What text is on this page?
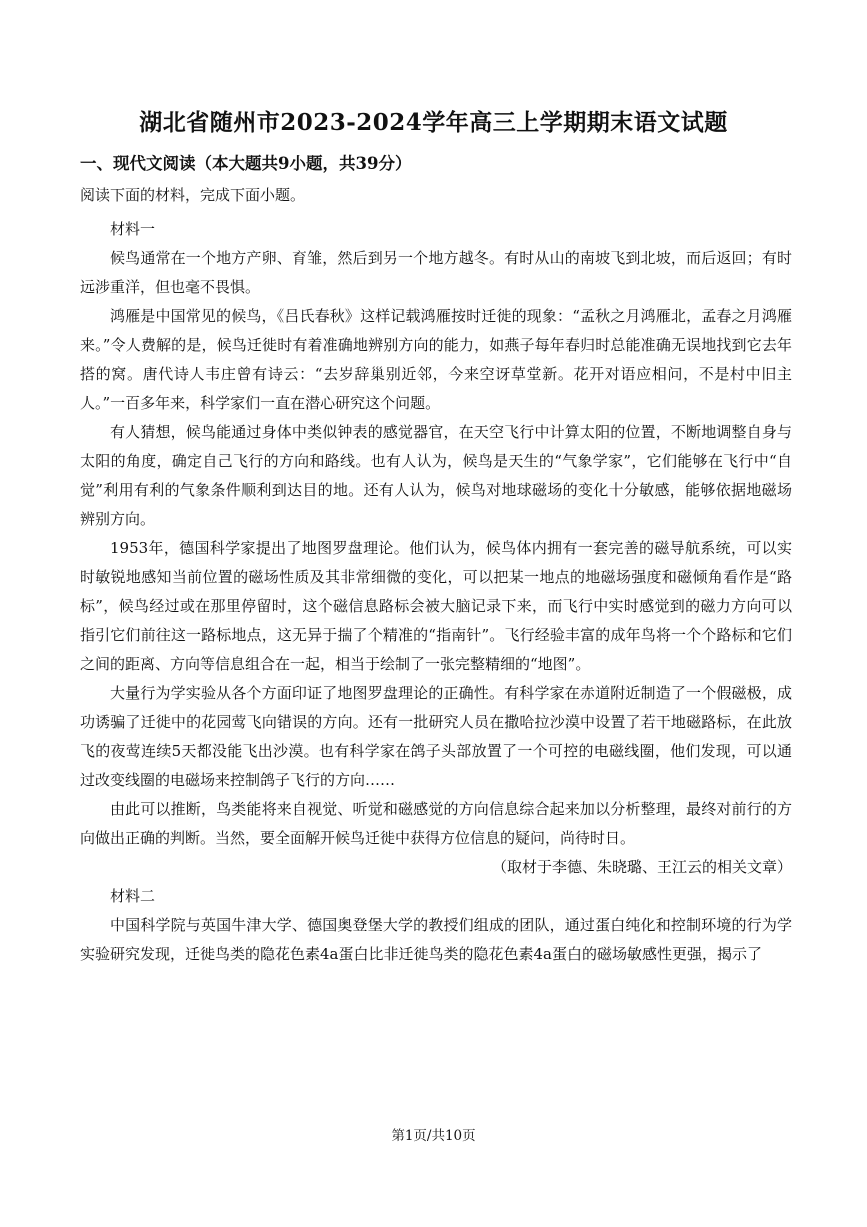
湖北省随州市2023-2024学年高三上学期期末语文试题
一、现代文阅读（本大题共9小题，共39分）
阅读下面的材料，完成下面小题。

材料一

候鸟通常在一个地方产卵、育雏，然后到另一个地方越冬。有时从山的南坡飞到北坡，而后返回；有时远涉重洋，但也毫不畏惧。

鸿雁是中国常见的候鸟，《吕氏春秋》这样记载鸿雁按时迁徙的现象：“孟秋之月鸿雁北，孟春之月鸿雁来。”令人费解的是，候鸟迁徙时有着准确地辨别方向的能力，如燕子每年春归时总能准确无误地找到它去年搭的窝。唐代诗人韦庄曾有诗云：“去岁辞巢别近邻，今来空讶草堂新。花开对语应相问，不是村中旧主人。”一百多年来，科学家们一直在潜心研究这个问题。

有人猜想，候鸟能通过身体中类似钟表的感觉器官，在天空飞行中计算太阳的位置，不断地调整自身与太阳的角度，确定自己飞行的方向和路线。也有人认为，候鸟是天生的“气象学家”，它们能够在飞行中“自觉”利用有利的气象条件顺利到达目的地。还有人认为，候鸟对地球磁场的变化十分敏感，能够依据地磁场辨别方向。

1953年，德国科学家提出了地图罗盘理论。他们认为，候鸟体内拥有一套完善的磁导航系统，可以实时敏锐地感知当前位置的磁场性质及其非常细微的变化，可以把某一地点的地磁场强度和磁倾角看作是“路标”，候鸟经过或在那里停留时，这个磁信息路标会被大脑记录下来，而飞行中实时感觉到的磁力方向可以指引它们前往这一路标地点，这无异于揣了个精准的“指南针”。飞行经验丰富的成年鸟将一个个路标和它们之间的距离、方向等信息组合在一起，相当于绘制了一张完整精细的“地图”。

大量行为学实验从各个方面印证了地图罗盘理论的正确性。有科学家在赤道附近制造了一个假磁极，成功诱骗了迁徙中的花园莺飞向错误的方向。还有一批研究人员在撒哈拉沙漠中设置了若干地磁路标，在此放飞的夜莺连续5天都没能飞出沙漠。也有科学家在鸽子头部放置了一个可控的电磁线圈，他们发现，可以通过改变线圈的电磁场来控制鸽子飞行的方向……

由此可以推断，鸟类能将来自视觉、听觉和磁感觉的方向信息综合起来加以分析整理，最终对前行的方向做出正确的判断。当然，要全面解开候鸟迁徙中获得方位信息的疑问，尚待时日。

（取材于李德、朱晓璐、王江云的相关文章）

材料二

中国科学院与英国牛津大学、德国奥登堡大学的教授们组成的团队，通过蛋白纯化和控制环境的行为学实验研究发现，迁徙鸟类的隐花色素4a蛋白比非迁徙鸟类的隐花色素4a蛋白的磁场敏感性更强，揭示了

第1页/共10页
